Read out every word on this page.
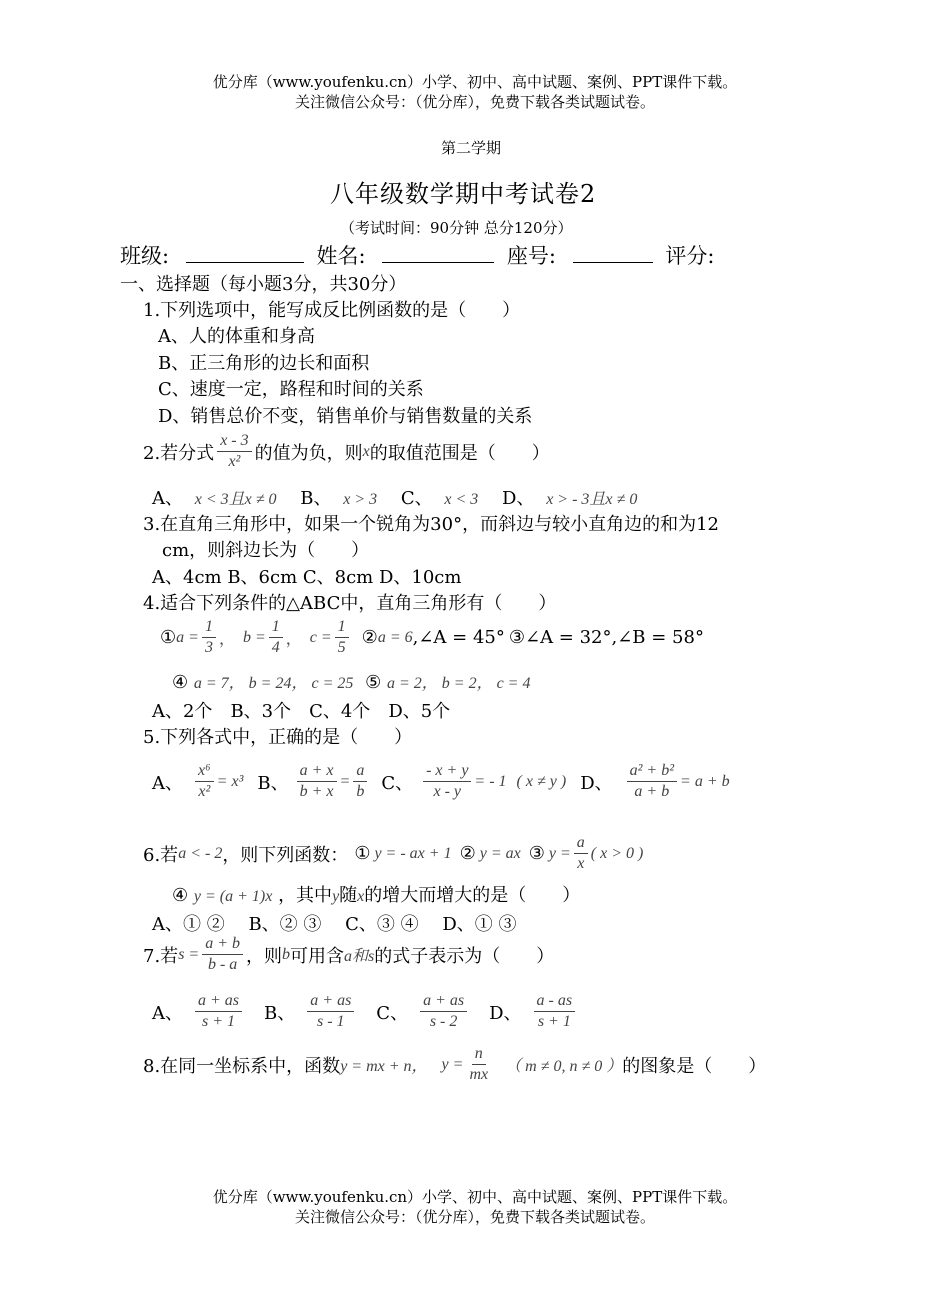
优分库（www.youfenku.cn）小学、初中、高中试题、案例、PPT课件下载。
关注微信公众号：（优分库），免费下载各类试题试卷。
第二学期
八年级数学期中考试卷2
（考试时间：90分钟 总分120分）
班级:	姓名:	座号:	评分:
一、选择题（每小题3分，共30分）
1.下列选项中，能写成反比例函数的是（　　）
A、人的体重和身高
B、正三角形的边长和面积
C、速度一定，路程和时间的关系
D、销售总价不变，销售单价与销售数量的关系
2.若分式 $\frac{x - 3}{\text{x²}}$ 的值为负，则 x 的取值范围是（　　）
A、 x < 3且x ≠ 0 B、 x > 3 C、 x < 3 D、 x > - 3且x ≠ 0
3.在直角三角形中，如果一个锐角为30°，而斜边与较小直角边的和为12
cm，则斜边长为（　　）
A、4cm B、6cm C、8cm D、10cm
4.适合下列条件的△ABC中，直角三角形有（　　）
① $a = \frac{1}{3}$ ， $b = \frac{1}{4}$ ， $c = \frac{1}{5}$ ② a = 6 ,∠A = 45° ③∠A = 32°,∠B = 58°
④ a = 7， b = 24， c = 25 ⑤ a = 2， b = 2， c = 4
A、2个　B、3个　C、4个　D、5个
5.下列各式中，正确的是（　　）
A、 $\frac{\text{x⁶}}{\text{x²}} = x^3$ B、 $\frac{a + x}{b + x} = \frac{a}{b}$ C、 $\frac{- x + y}{x - y}$ = - 1 ( x ≠ y ) D、 $\frac{\text{a² + b²}}{a + b} = a + b$
6.若 a < - 2 ，则下列函数： ① y = - ax + 1 ② y = ax ③ $y = \frac{a}{x}$ ( x > 0 )
④ y = (a + 1)x ，其中y随x的增大而增大的是（　　）
A、① ②　 B、② ③　 C、③ ④　 D、① ③
7.若 $s = \frac{a + b}{b - a}$ ，则 b 可用含 a和s 的式子表示为（　　）
A、 $\frac{a + as}{s + 1}$ B、 $\frac{a + as}{s - 1}$ C、 $\frac{a + as}{s - 2}$ D、 $\frac{a - as}{s + 1}$
8.在同一坐标系中，函数 y = mx + n， $y = \frac{n}{mx}$ （ m ≠ 0, n ≠ 0 ） 的图象是（　　）
优分库（www.youfenku.cn）小学、初中、高中试题、案例、PPT课件下载。
关注微信公众号：（优分库），免费下载各类试题试卷。
